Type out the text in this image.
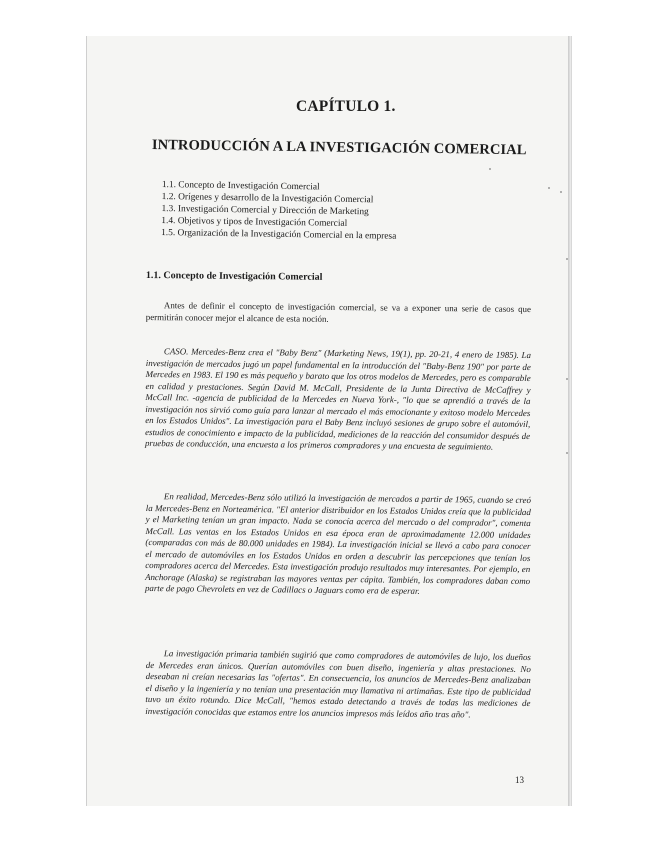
CAPÍTULO 1.
INTRODUCCIÓN A LA INVESTIGACIÓN COMERCIAL
1.1. Concepto de Investigación Comercial
1.2. Orígenes y desarrollo de la Investigación Comercial
1.3. Investigación Comercial y Dirección de Marketing
1.4. Objetivos y tipos de Investigación Comercial
1.5. Organización de la Investigación Comercial en la empresa
1.1. Concepto de Investigación Comercial

Antes de definir el concepto de investigación comercial, se va a exponer una serie de casos que permitirán conocer mejor el alcance de esta noción.

CASO. Mercedes-Benz crea el "Baby Benz" (Marketing News, 19(1), pp. 20-21, 4 enero de 1985). La investigación de mercados jugó un papel fundamental en la introducción del "Baby-Benz 190" por parte de Mercedes en 1983. El 190 es más pequeño y barato que los otros modelos de Mercedes, pero es comparable en calidad y prestaciones. Según David M. McCall, Presidente de la Junta Directiva de McCaffrey y McCall Inc. -agencia de publicidad de la Mercedes en Nueva York-, "lo que se aprendió a través de la investigación nos sirvió como guía para lanzar al mercado el más emocionante y exitoso modelo Mercedes en los Estados Unidos". La investigación para el Baby Benz incluyó sesiones de grupo sobre el automóvil, estudios de conocimiento e impacto de la publicidad, mediciones de la reacción del consumidor después de pruebas de conducción, una encuesta a los primeros compradores y una encuesta de seguimiento.

En realidad, Mercedes-Benz sólo utilizó la investigación de mercados a partir de 1965, cuando se creó la Mercedes-Benz en Norteamérica. "El anterior distribuidor en los Estados Unidos creía que la publicidad y el Marketing tenían un gran impacto. Nada se conocía acerca del mercado o del comprador", comenta McCall. Las ventas en los Estados Unidos en esa época eran de aproximadamente 12.000 unidades (comparadas con más de 80.000 unidades en 1984). La investigación inicial se llevó a cabo para conocer el mercado de automóviles en los Estados Unidos en orden a descubrir las percepciones que tenían los compradores acerca del Mercedes. Esta investigación produjo resultados muy interesantes. Por ejemplo, en Anchorage (Alaska) se registraban las mayores ventas per cápita. También, los compradores daban como parte de pago Chevrolets en vez de Cadillacs o Jaguars como era de esperar.

La investigación primaria también sugirió que como compradores de automóviles de lujo, los dueños de Mercedes eran únicos. Querían automóviles con buen diseño, ingeniería y altas prestaciones. No deseaban ni creían necesarias las "ofertas". En consecuencia, los anuncios de Mercedes-Benz analizaban el diseño y la ingeniería y no tenían una presentación muy llamativa ni artimañas. Este tipo de publicidad tuvo un éxito rotundo. Dice McCall, "hemos estado detectando a través de todas las mediciones de investigación conocidas que estamos entre los anuncios impresos más leídos año tras año".

13
